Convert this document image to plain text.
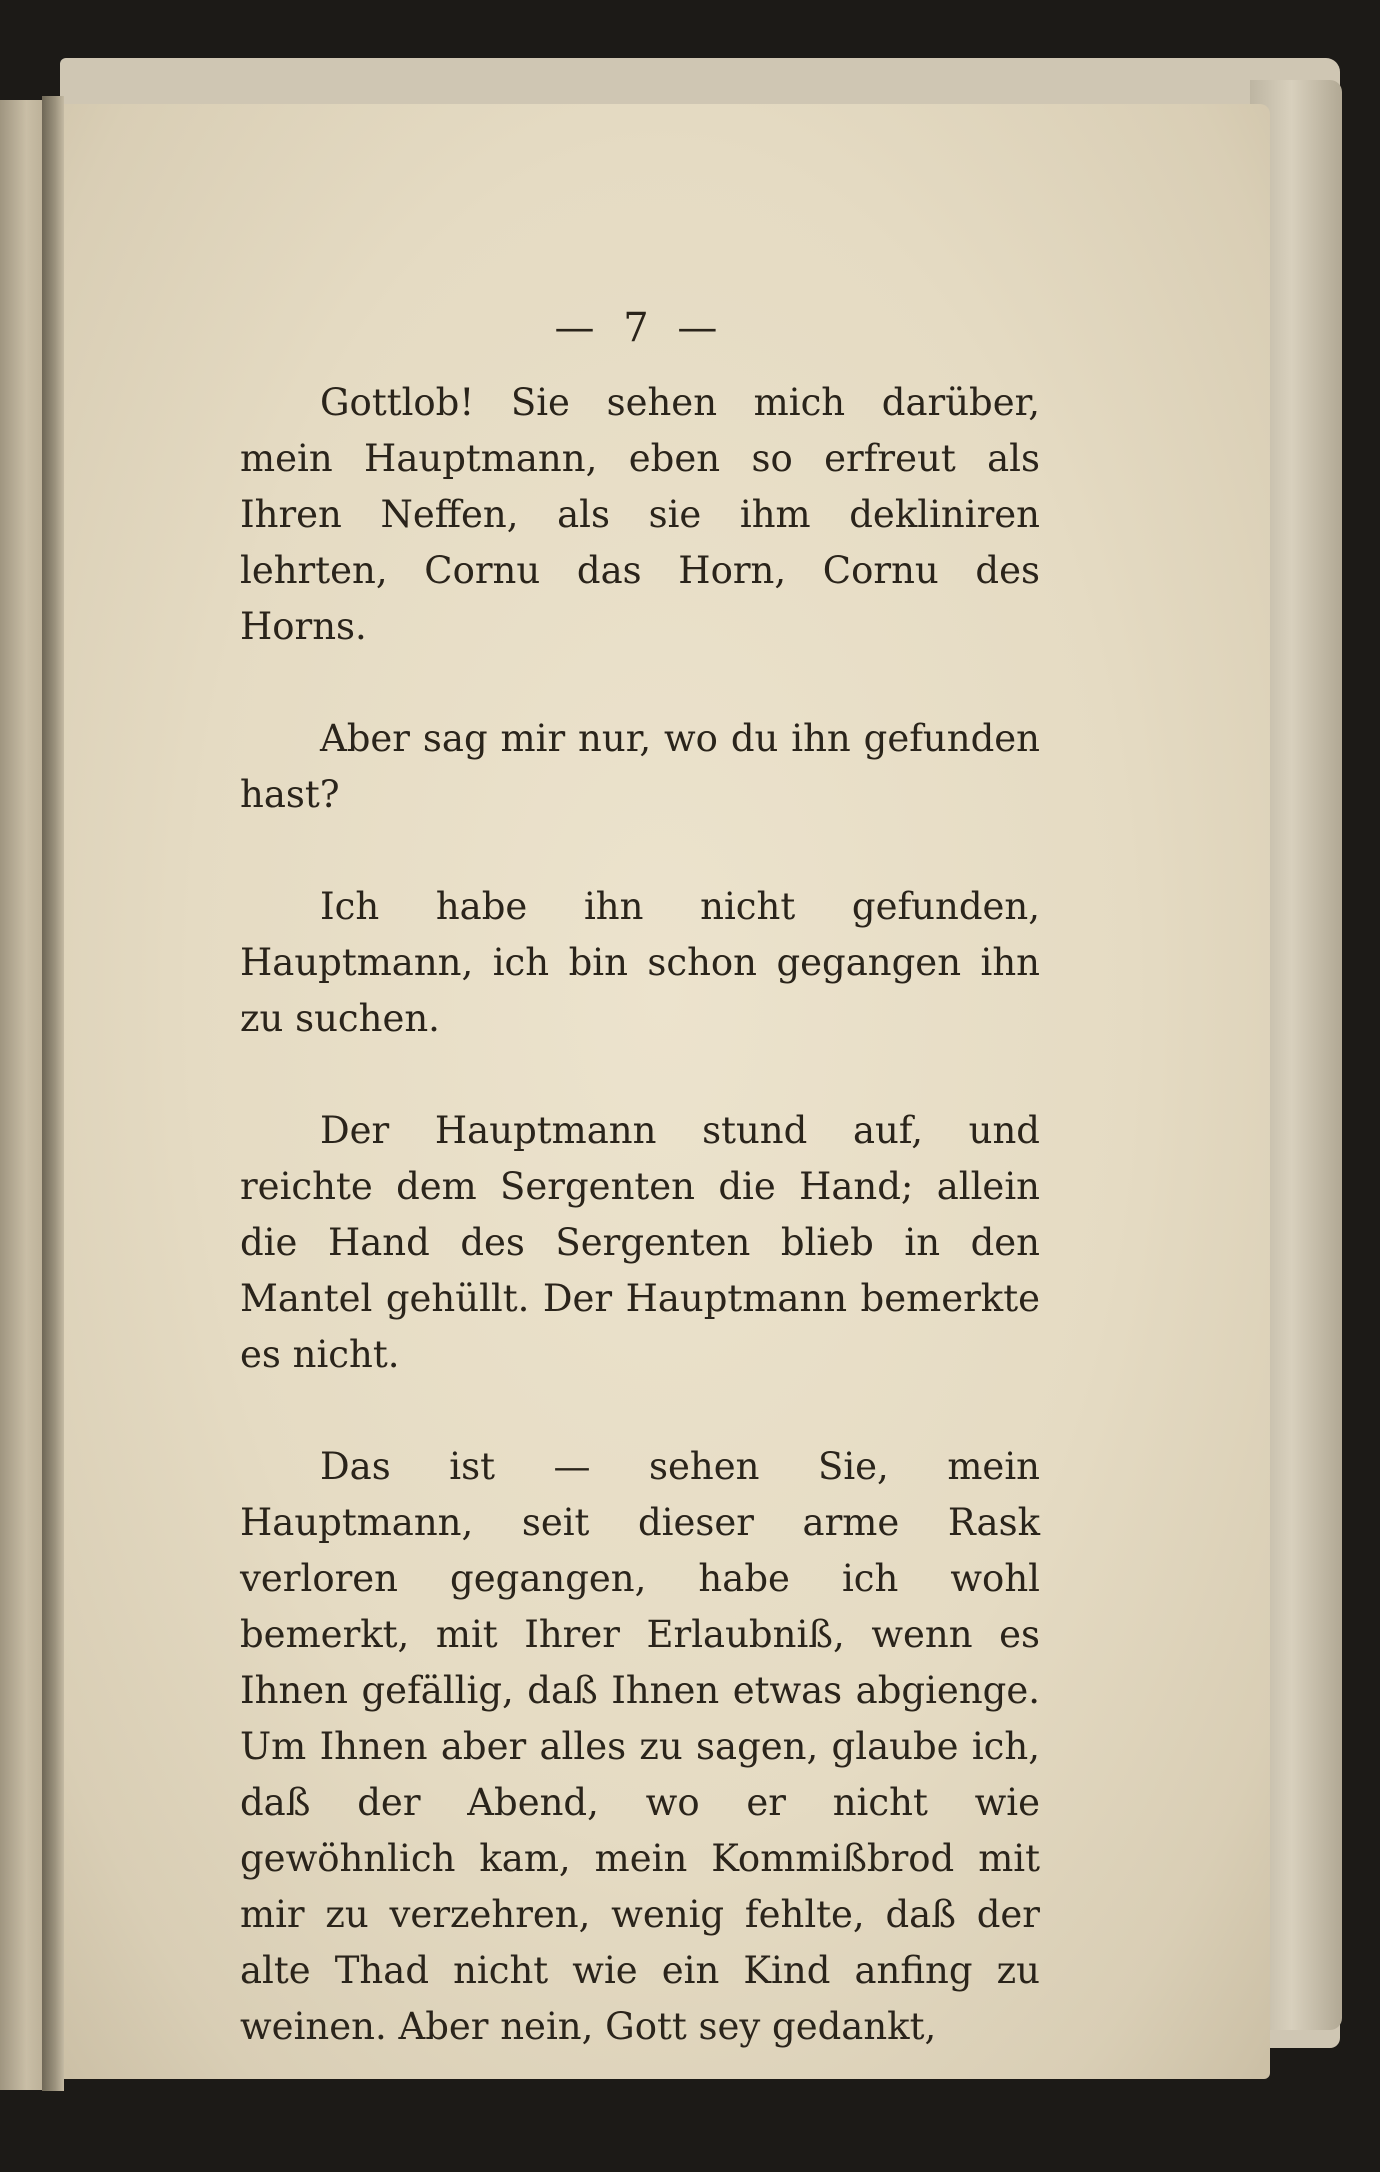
— 7 —

Gottlob! Sie sehen mich darüber, mein Hauptmann, eben so erfreut als Ihren Neffen, als sie ihm dekliniren lehrten, Cornu das Horn, Cornu des Horns.

Aber sag mir nur, wo du ihn gefunden hast?

Ich habe ihn nicht gefunden, Hauptmann, ich bin schon gegangen ihn zu suchen.

Der Hauptmann stund auf, und reichte dem Sergenten die Hand; allein die Hand des Sergenten blieb in den Mantel gehüllt. Der Hauptmann bemerkte es nicht.

Das ist — sehen Sie, mein Hauptmann, seit dieser arme Rask verloren gegangen, habe ich wohl bemerkt, mit Ihrer Erlaubniß, wenn es Ihnen gefällig, daß Ihnen etwas abgienge. Um Ihnen aber alles zu sagen, glaube ich, daß der Abend, wo er nicht wie gewöhnlich kam, mein Kommißbrod mit mir zu verzehren, wenig fehlte, daß der alte Thad nicht wie ein Kind anfing zu weinen. Aber nein, Gott sey gedankt,
